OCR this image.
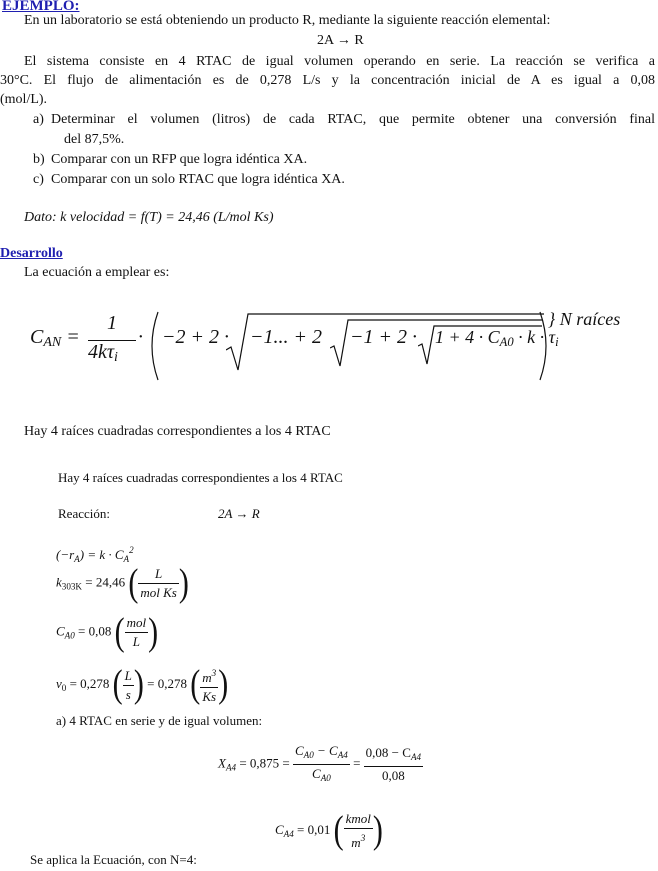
EJEMPLO:
En un laboratorio se está obteniendo un producto R, mediante la siguiente reacción elemental:
2A → R
El sistema consiste en 4 RTAC de igual volumen operando en serie. La reacción se verifica a
30°C. El flujo de alimentación es de 0,278 L/s y la concentración inicial de A es igual a 0,08
(mol/L).
a) Determinar el volumen (litros) de cada RTAC, que permite obtener una conversión final
del 87,5%.
b) Comparar con un RFP que logra idéntica XA.
c) Comparar con un solo RTAC que logra idéntica XA.
Dato: k velocidad = f(T) = 24,46 (L/mol Ks)
Desarrollo
La ecuación a emplear es:
$C_{AN}$ =
1
$4k\tau_i$
· −2 + 2 · −1... + $2 -1 + 2 \cdot 1 + 4 \cdot C_{A0} \cdot k \cdot \tau_i$
} N raíces
Hay 4 raíces cuadradas correspondientes a los 4 RTAC
Hay 4 raíces cuadradas correspondientes a los 4 RTAC
Reacción:	2A → R
$(-r_A) = k \cdot C_A^2$
$k_{303K} = 24,46$ ( $\frac{L}{\text{mol Ks}}$ )
$C_{A0} = 0,08$ ( $\frac{\text{mol}}{L}$ )
$v_0 = 0,278$ ( $\frac{L}{s}$ ) = 0,278 ( $\frac{m^3}{Ks}$ )
a) 4 RTAC en serie y de igual volumen:
$X_{A4} = 0,875 = \frac{C_{A0} - C_{A4}}{C_{A0}} = \frac{0,08 - C_{A4}}{0,08}$
$C_{A4} = 0,01$ ( $\frac{\text{kmol}}{m^3}$ )
Se aplica la Ecuación, con N=4:
